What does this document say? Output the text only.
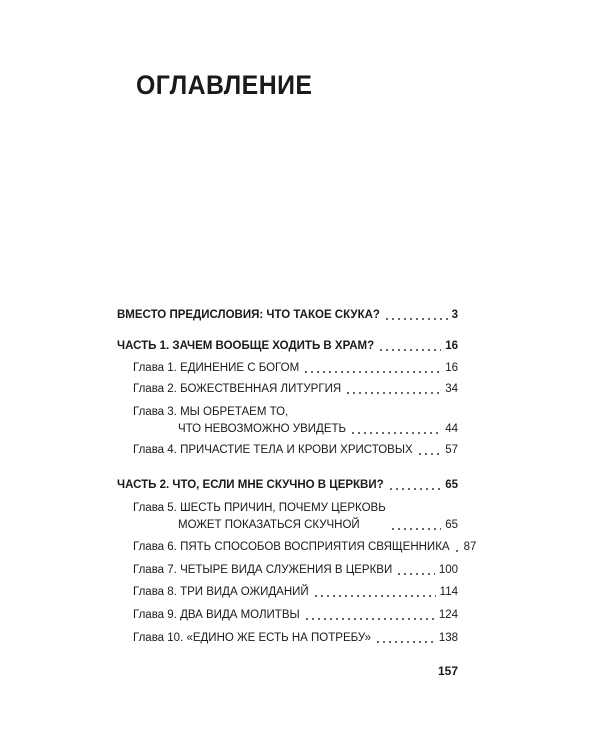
ОГЛАВЛЕНИЕ
ВМЕСТО ПРЕДИСЛОВИЯ: ЧТО ТАКОЕ СКУКА?	3
ЧАСТЬ 1. ЗАЧЕМ ВООБЩЕ ХОДИТЬ В ХРАМ?	16
Глава 1. ЕДИНЕНИЕ С БОГОМ	16
Глава 2. БОЖЕСТВЕННАЯ ЛИТУРГИЯ	34
Глава 3. МЫ ОБРЕТАЕМ ТО,
ЧТО НЕВОЗМОЖНО УВИДЕТЬ	44
Глава 4. ПРИЧАСТИЕ ТЕЛА И КРОВИ ХРИСТОВЫХ	57
ЧАСТЬ 2. ЧТО, ЕСЛИ МНЕ СКУЧНО В ЦЕРКВИ?	65
Глава 5. ШЕСТЬ ПРИЧИН, ПОЧЕМУ ЦЕРКОВЬ
МОЖЕТ ПОКАЗАТЬСЯ СКУЧНОЙ	65
Глава 6. ПЯТЬ СПОСОБОВ ВОСПРИЯТИЯ СВЯЩЕННИКА 87
Глава 7. ЧЕТЫРЕ ВИДА СЛУЖЕНИЯ В ЦЕРКВИ	100
Глава 8. ТРИ ВИДА ОЖИДАНИЙ	114
Глава 9. ДВА ВИДА МОЛИТВЫ	124
Глава 10. «ЕДИНО ЖЕ ЕСТЬ НА ПОТРЕБУ»	138
157
